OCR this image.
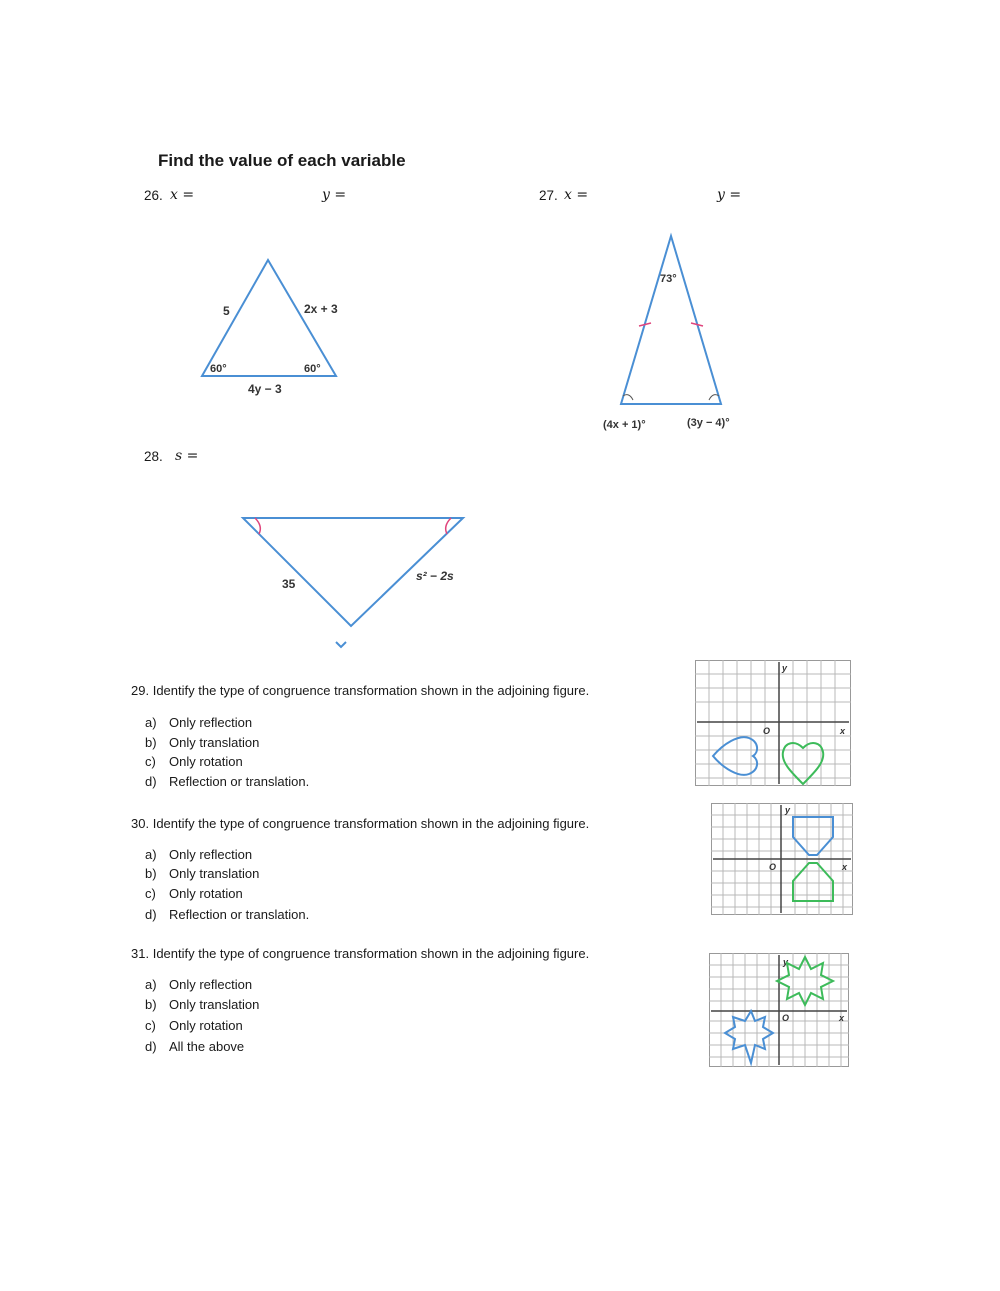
Find the value of each variable
26. x =	y =	27. x =	y =
5	2x + 3
4y − 3
60°	60°
73°
(4x + 1)°	(3y − 4)°
28. s =
35
s² − 2s
29. Identify the type of congruence transformation shown in the adjoining figure.
a) Only reflection
b) Only translation
c) Only rotation
d) Reflection or translation.
y
x
O
30. Identify the type of congruence transformation shown in the adjoining figure.
a) Only reflection
b) Only translation
c) Only rotation
d) Reflection or translation.
y
x
O
31. Identify the type of congruence transformation shown in the adjoining figure.
a) Only reflection
b) Only translation
c) Only rotation
d) All the above
y
x
O
